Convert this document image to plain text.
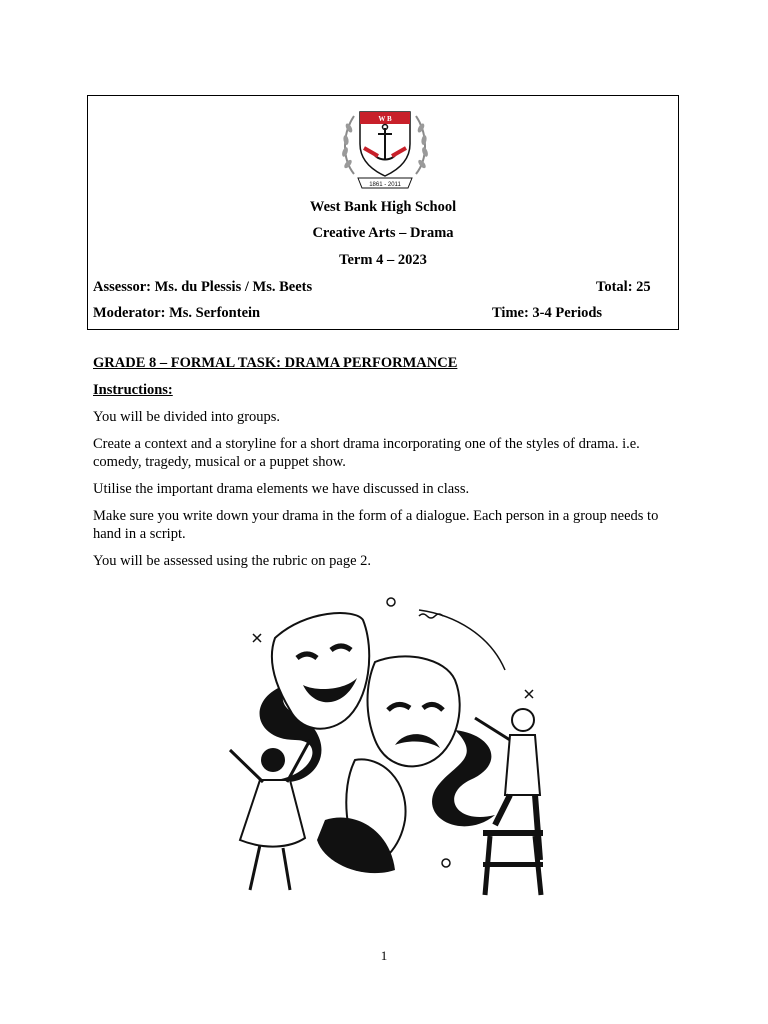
W B
1861 - 2011
West Bank High School
Creative Arts – Drama
Term 4 – 2023
Assessor: Ms. du Plessis / Ms. Beets	Total: 25
Moderator: Ms. Serfontein	Time: 3-4 Periods

GRADE 8 – FORMAL TASK: DRAMA PERFORMANCE

Instructions:

You will be divided into groups.

Create a context and a storyline for a short drama incorporating one of the styles of drama. i.e. comedy, tragedy, musical or a puppet show.

Utilise the important drama elements we have discussed in class.

Make sure you write down your drama in the form of a dialogue. Each person in a group needs to hand in a script.

You will be assessed using the rubric on page 2.

1
